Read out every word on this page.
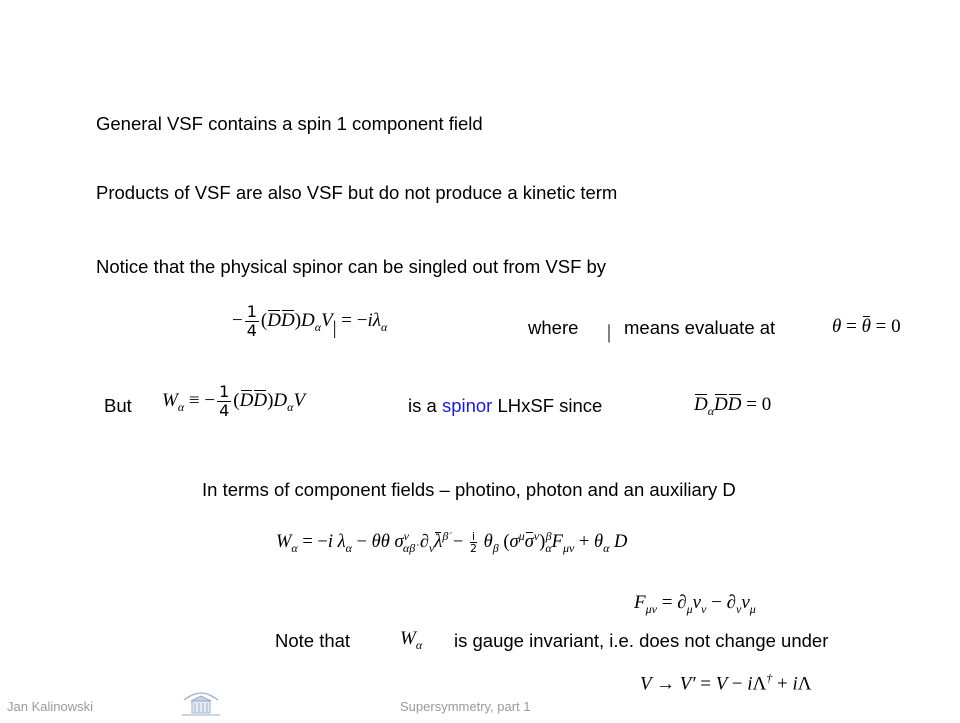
General VSF contains a spin 1 component field
Products of VSF are also VSF but do not produce a kinetic term
Notice that the physical spinor can be singled out from VSF by
− $\frac{1}{4} (DD)D_\alpha V| = -i\lambda_\alpha$	where | means evaluate at	θ = θ = 0
But $W_\alpha$ ≡ − $\frac{1}{4} (DD)D_\alpha V$	is a spinor LHxSF since	$D_{\alphȧ}DD = 0$
In terms of component fields – photino, photon and an auxiliary D
$W_\alpha = -i$ $\lambda_\alpha - \theta\theta$ $\sigma^\nu_{\alpha\betȧ}$ $\partial_\nu\lambda^{\betȧ} - \frac{i}{2} \theta_\beta$ $(\sigma^\mu\sigma^\nu)_\alpha^\beta F_{\mu\nu} + \theta_\alpha$ D
$F_{\mu\nu} = \partial_\mu v_\nu - \partial_\nu v_\mu$
Note that	$W_\alpha$ is gauge invariant, i.e. does not change under
V → V′ = V − iΛ† + iΛ
Jan Kalinowski	Supersymmetry, part 1
